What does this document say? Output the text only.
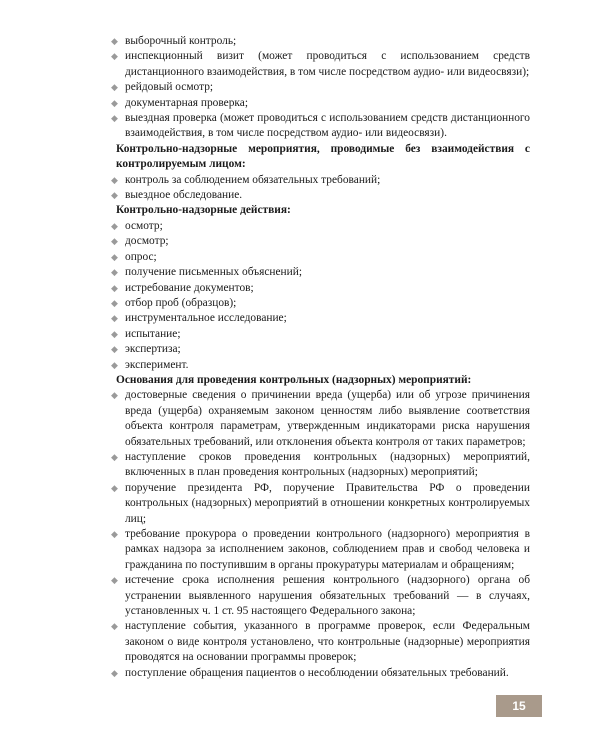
◆ выборочный контроль;
◆ инспекционный визит (может проводиться с использованием средств дистанционного взаимодействия, в том числе посредством аудио- или видеосвязи);
◆ рейдовый осмотр;
◆ документарная проверка;
◆ выездная проверка (может проводиться с использованием средств дистанционного взаимодействия, в том числе посредством аудио- или видеосвязи).
Контрольно-надзорные мероприятия, проводимые без взаимодействия с контролируемым лицом:
◆ контроль за соблюдением обязательных требований;
◆ выездное обследование.
Контрольно-надзорные действия:
◆ осмотр;
◆ досмотр;
◆ опрос;
◆ получение письменных объяснений;
◆ истребование документов;
◆ отбор проб (образцов);
◆ инструментальное исследование;
◆ испытание;
◆ экспертиза;
◆ эксперимент.
Основания для проведения контрольных (надзорных) мероприятий:
◆ достоверные сведения о причинении вреда (ущерба) или об угрозе причинения вреда (ущерба) охраняемым законом ценностям либо выявление соответствия объекта контроля параметрам, утвержденным индикаторами риска нарушения обязательных требований, или отклонения объекта контроля от таких параметров;
◆ наступление сроков проведения контрольных (надзорных) мероприятий, включенных в план проведения контрольных (надзорных) мероприятий;
◆ поручение президента РФ, поручение Правительства РФ о проведении контрольных (надзорных) мероприятий в отношении конкретных контролируемых лиц;
◆ требование прокурора о проведении контрольного (надзорного) мероприятия в рамках надзора за исполнением законов, соблюдением прав и свобод человека и гражданина по поступившим в органы прокуратуры материалам и обращениям;
◆ истечение срока исполнения решения контрольного (надзорного) органа об устранении выявленного нарушения обязательных требований — в случаях, установленных ч. 1 ст. 95 настоящего Федерального закона;
◆ наступление события, указанного в программе проверок, если Федеральным законом о виде контроля установлено, что контрольные (надзорные) мероприятия проводятся на основании программы проверок;
◆ поступление обращения пациентов о несоблюдении обязательных требований.
15
